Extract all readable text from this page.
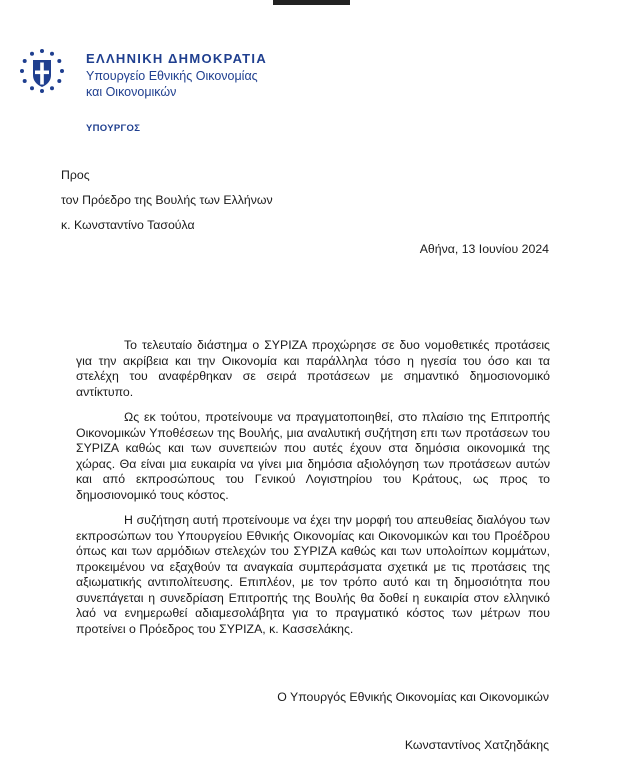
ΕΛΛΗΝΙΚΗ ΔΗΜΟΚΡΑΤΙΑ
Υπουργείο Εθνικής Οικονομίας
και Οικονομικών
ΥΠΟΥΡΓΟΣ
Προς
τον Πρόεδρο της Βουλής των Ελλήνων
κ. Κωνσταντίνο Τασούλα
Αθήνα, 13 Ιουνίου 2024

Το τελευταίο διάστημα ο ΣΥΡΙΖΑ προχώρησε σε δυο νομοθετικές προτάσεις για την ακρίβεια και την Οικονομία και παράλληλα τόσο η ηγεσία του όσο και τα στελέχη του αναφέρθηκαν σε σειρά προτάσεων με σημαντικό δημοσιονομικό αντίκτυπο.

Ως εκ τούτου, προτείνουμε να πραγματοποιηθεί, στο πλαίσιο της Επιτροπής Οικονομικών Υποθέσεων της Βουλής, μια αναλυτική συζήτηση επι των προτάσεων του ΣΥΡΙΖΑ καθώς και των συνεπειών που αυτές έχουν στα δημόσια οικονομικά της χώρας. Θα είναι μια ευκαιρία να γίνει μια δημόσια αξιολόγηση των προτάσεων αυτών και από εκπροσώπους του Γενικού Λογιστηρίου του Κράτους, ως προς το δημοσιονομικό τους κόστος.

Η συζήτηση αυτή προτείνουμε να έχει την μορφή του απευθείας διαλόγου των εκπροσώπων του Υπουργείου Εθνικής Οικονομίας και Οικονομικών και του Προέδρου όπως και των αρμόδιων στελεχών του ΣΥΡΙΖΑ καθώς και των υπολοίπων κομμάτων, προκειμένου να εξαχθούν τα αναγκαία συμπεράσματα σχετικά με τις προτάσεις της αξιωματικής αντιπολίτευσης. Επιπλέον, με τον τρόπο αυτό και τη δημοσιότητα που συνεπάγεται η συνεδρίαση Επιτροπής της Βουλής θα δοθεί η ευκαιρία στον ελληνικό λαό να ενημερωθεί αδιαμεσολάβητα για το πραγματικό κόστος των μέτρων που προτείνει ο Πρόεδρος του ΣΥΡΙΖΑ, κ. Κασσελάκης.

Ο Υπουργός Εθνικής Οικονομίας και Οικονομικών
Κωνσταντίνος Χατζηδάκης
